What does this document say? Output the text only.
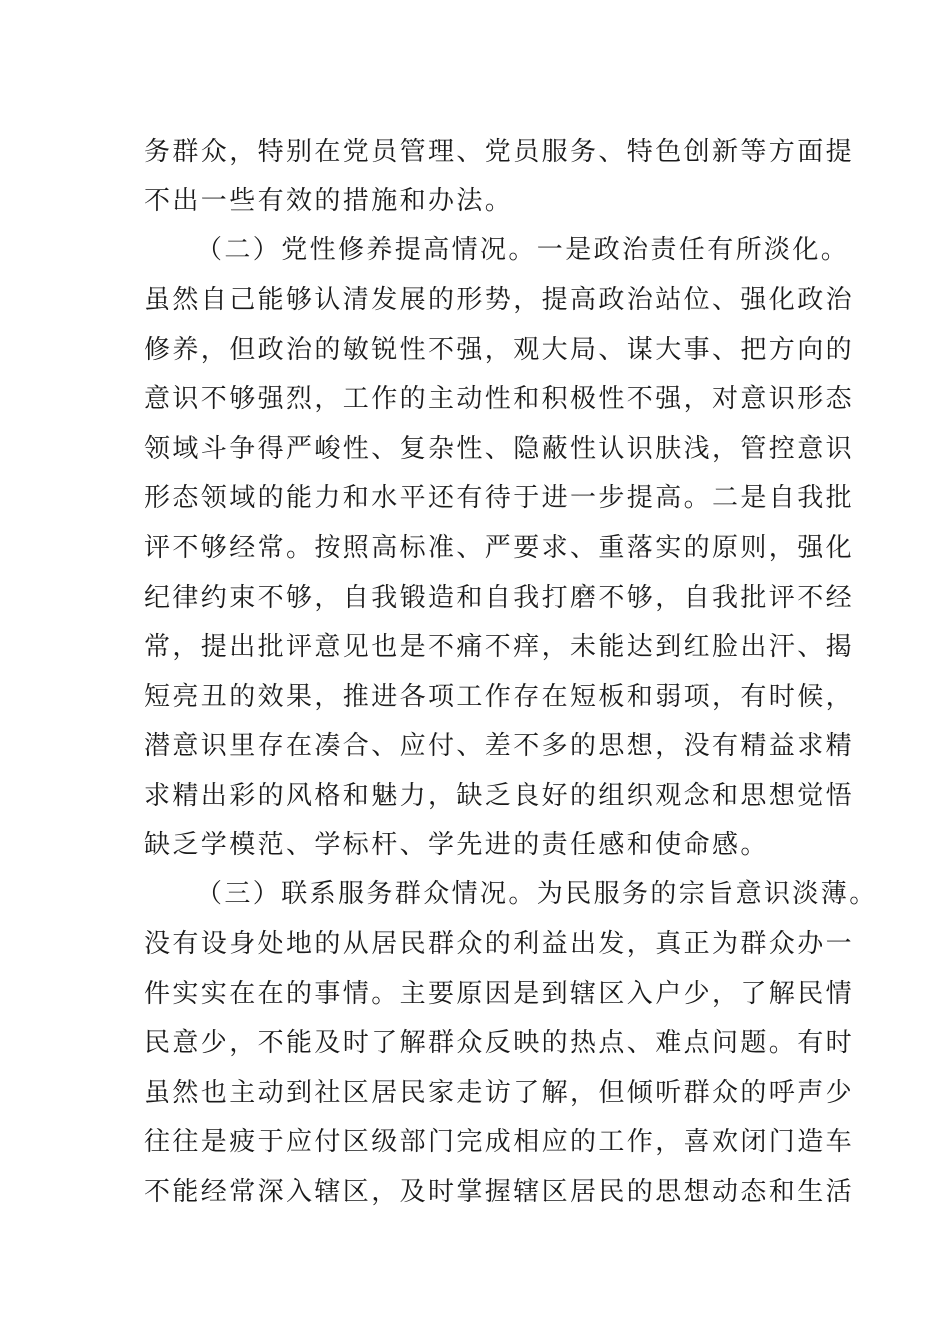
务群众，特别在党员管理、党员服务、特色创新等方面提
不出一些有效的措施和办法。
（二）党性修养提高情况。一是政治责任有所淡化。
虽然自己能够认清发展的形势，提高政治站位、强化政治
修养，但政治的敏锐性不强，观大局、谋大事、把方向的
意识不够强烈，工作的主动性和积极性不强，对意识形态
领域斗争得严峻性、复杂性、隐蔽性认识肤浅，管控意识
形态领域的能力和水平还有待于进一步提高。二是自我批
评不够经常。按照高标准、严要求、重落实的原则，强化
纪律约束不够，自我锻造和自我打磨不够，自我批评不经
常，提出批评意见也是不痛不痒，未能达到红脸出汗、揭
短亮丑的效果，推进各项工作存在短板和弱项，有时候，
潜意识里存在凑合、应付、差不多的思想，没有精益求精
求精出彩的风格和魅力，缺乏良好的组织观念和思想觉悟
缺乏学模范、学标杆、学先进的责任感和使命感。
（三）联系服务群众情况。为民服务的宗旨意识淡薄。
没有设身处地的从居民群众的利益出发，真正为群众办一
件实实在在的事情。主要原因是到辖区入户少，了解民情
民意少，不能及时了解群众反映的热点、难点问题。有时
虽然也主动到社区居民家走访了解，但倾听群众的呼声少
往往是疲于应付区级部门完成相应的工作，喜欢闭门造车
不能经常深入辖区，及时掌握辖区居民的思想动态和生活
